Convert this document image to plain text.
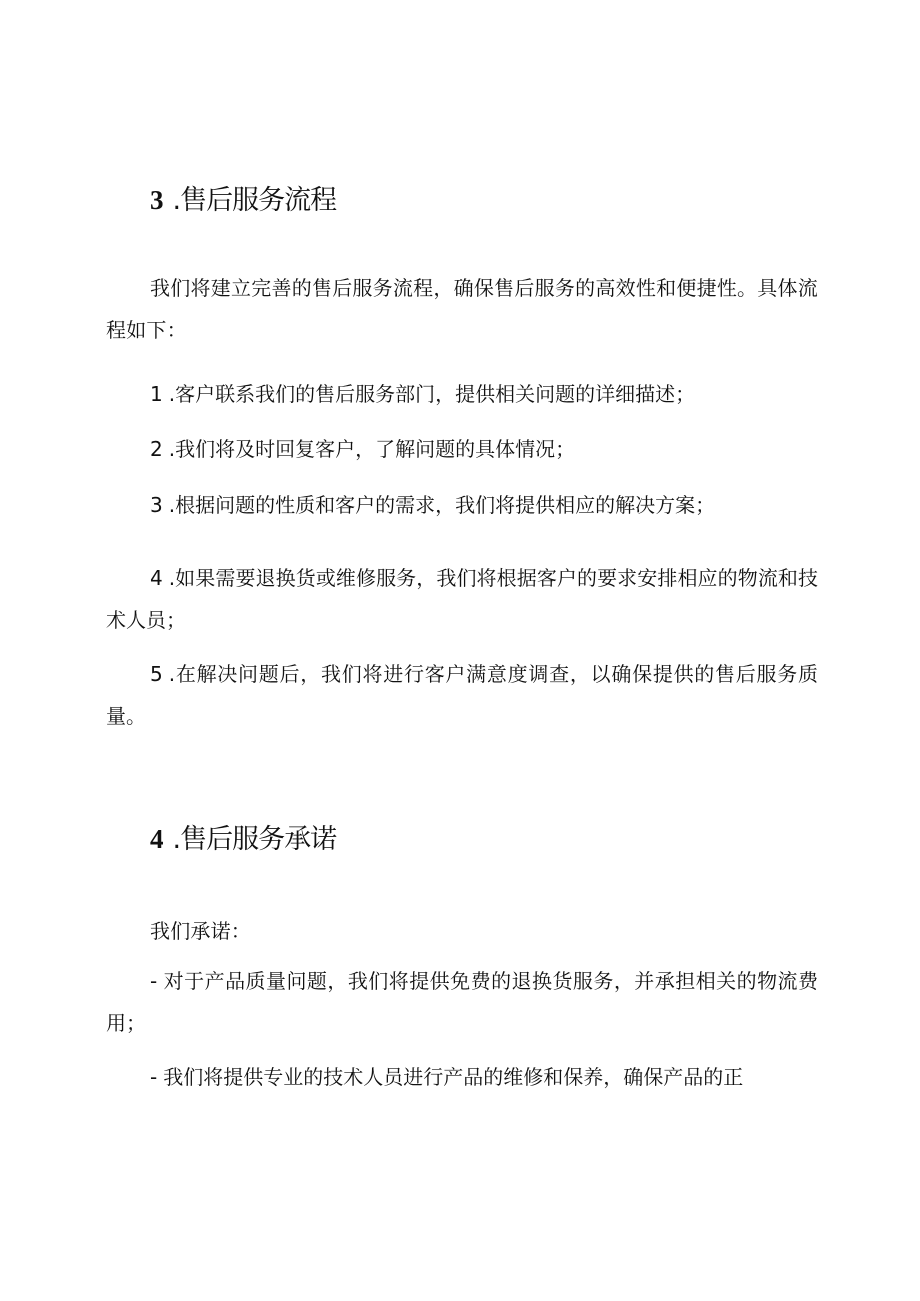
3 .售后服务流程

我们将建立完善的售后服务流程，确保售后服务的高效性和便捷性。具体流程如下：

1 .客户联系我们的售后服务部门，提供相关问题的详细描述；

2 .我们将及时回复客户，了解问题的具体情况；

3 .根据问题的性质和客户的需求，我们将提供相应的解决方案；

4 .如果需要退换货或维修服务，我们将根据客户的要求安排相应的物流和技术人员；

5 .在解决问题后，我们将进行客户满意度调查，以确保提供的售后服务质量。

4 .售后服务承诺

我们承诺：

- 对于产品质量问题，我们将提供免费的退换货服务，并承担相关的物流费用；

- 我们将提供专业的技术人员进行产品的维修和保养，确保产品的正
